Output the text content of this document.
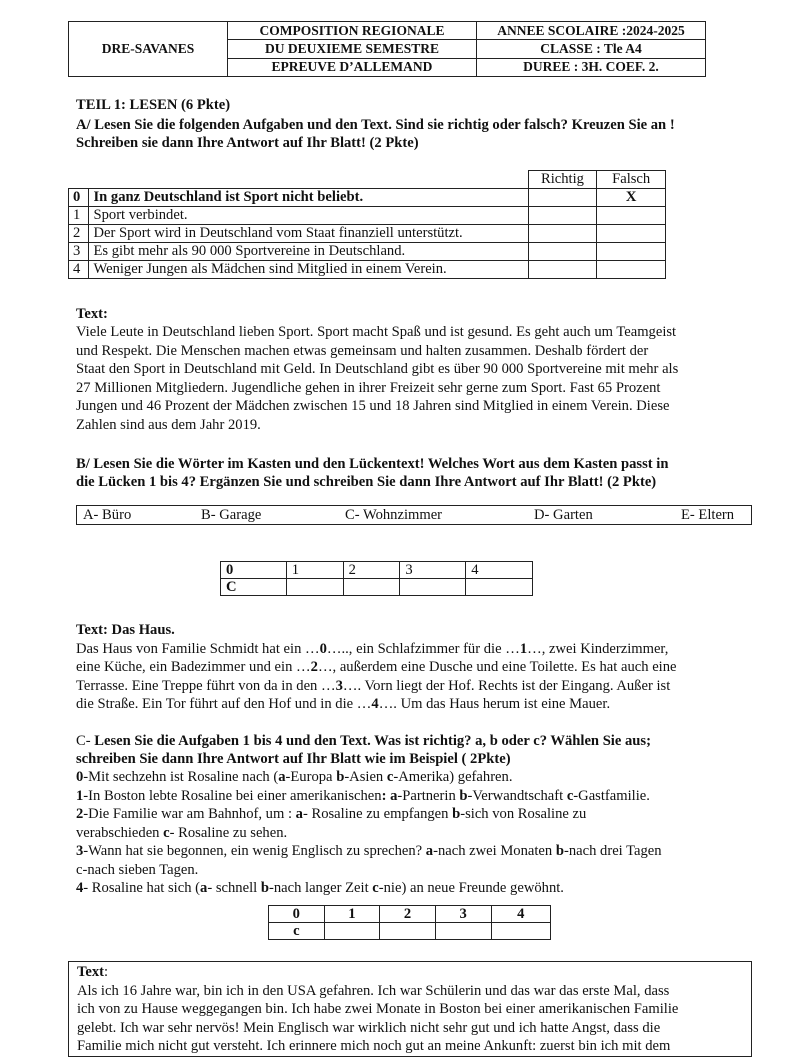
DRE-SAVANES	COMPOSITION REGIONALE	ANNEE SCOLAIRE :2024-2025
	DU DEUXIEME SEMESTRE	CLASSE : Tle A4
	EPREUVE D’ALLEMAND	DUREE : 3H. COEF. 2.
TEIL 1: LESEN (6 Pkte)
A/ Lesen Sie die folgenden Aufgaben und den Text. Sind sie richtig oder falsch? Kreuzen Sie an !
Schreiben sie dann Ihre Antwort auf Ihr Blatt! (2 Pkte)
		Richtig	Falsch
0	In ganz Deutschland ist Sport nicht beliebt.		X
1	Sport verbindet.		
2	Der Sport wird in Deutschland vom Staat finanziell unterstützt.		
3	Es gibt mehr als 90 000 Sportvereine in Deutschland.		
4	Weniger Jungen als Mädchen sind Mitglied in einem Verein.		
Text:
Viele Leute in Deutschland lieben Sport. Sport macht Spaß und ist gesund. Es geht auch um Teamgeist
und Respekt. Die Menschen machen etwas gemeinsam und halten zusammen. Deshalb fördert der
Staat den Sport in Deutschland mit Geld. In Deutschland gibt es über 90 000 Sportvereine mit mehr als
27 Millionen Mitgliedern. Jugendliche gehen in ihrer Freizeit sehr gerne zum Sport. Fast 65 Prozent
Jungen und 46 Prozent der Mädchen zwischen 15 und 18 Jahren sind Mitglied in einem Verein. Diese
Zahlen sind aus dem Jahr 2019.
B/ Lesen Sie die Wörter im Kasten und den Lückentext! Welches Wort aus dem Kasten passt in
die Lücken 1 bis 4? Ergänzen Sie und schreiben Sie dann Ihre Antwort auf Ihr Blatt! (2 Pkte)
A- Büro	B- Garage	C- Wohnzimmer	D- Garten	E- Eltern
0	1	2	3	4
C				
Text: Das Haus.
Das Haus von Familie Schmidt hat ein …0….., ein Schlafzimmer für die …1…, zwei Kinderzimmer,
eine Küche, ein Badezimmer und ein …2…, außerdem eine Dusche und eine Toilette. Es hat auch eine
Terrasse. Eine Treppe führt von da in den …3…. Vorn liegt der Hof. Rechts ist der Eingang. Außer ist
die Straße. Ein Tor führt auf den Hof und in die …4…. Um das Haus herum ist eine Mauer.
C- Lesen Sie die Aufgaben 1 bis 4 und den Text. Was ist richtig? a, b oder c? Wählen Sie aus;
schreiben Sie dann Ihre Antwort auf Ihr Blatt wie im Beispiel ( 2Pkte)
0-Mit sechzehn ist Rosaline nach (a-Europa b-Asien c-Amerika) gefahren.
1-In Boston lebte Rosaline bei einer amerikanischen: a-Partnerin b-Verwandtschaft c-Gastfamilie.
2-Die Familie war am Bahnhof, um : a- Rosaline zu empfangen b-sich von Rosaline zu
verabschieden c- Rosaline zu sehen.
3-Wann hat sie begonnen, ein wenig Englisch zu sprechen? a-nach zwei Monaten b-nach drei Tagen
c-nach sieben Tagen.
4- Rosaline hat sich (a- schnell b-nach langer Zeit c-nie) an neue Freunde gewöhnt.
0	1	2	3	4
c				
Text:
Als ich 16 Jahre war, bin ich in den USA gefahren. Ich war Schülerin und das war das erste Mal, dass
ich von zu Hause weggegangen bin. Ich habe zwei Monate in Boston bei einer amerikanischen Familie
gelebt. Ich war sehr nervös! Mein Englisch war wirklich nicht sehr gut und ich hatte Angst, dass die
Familie mich nicht gut versteht. Ich erinnere mich noch gut an meine Ankunft: zuerst bin ich mit dem
